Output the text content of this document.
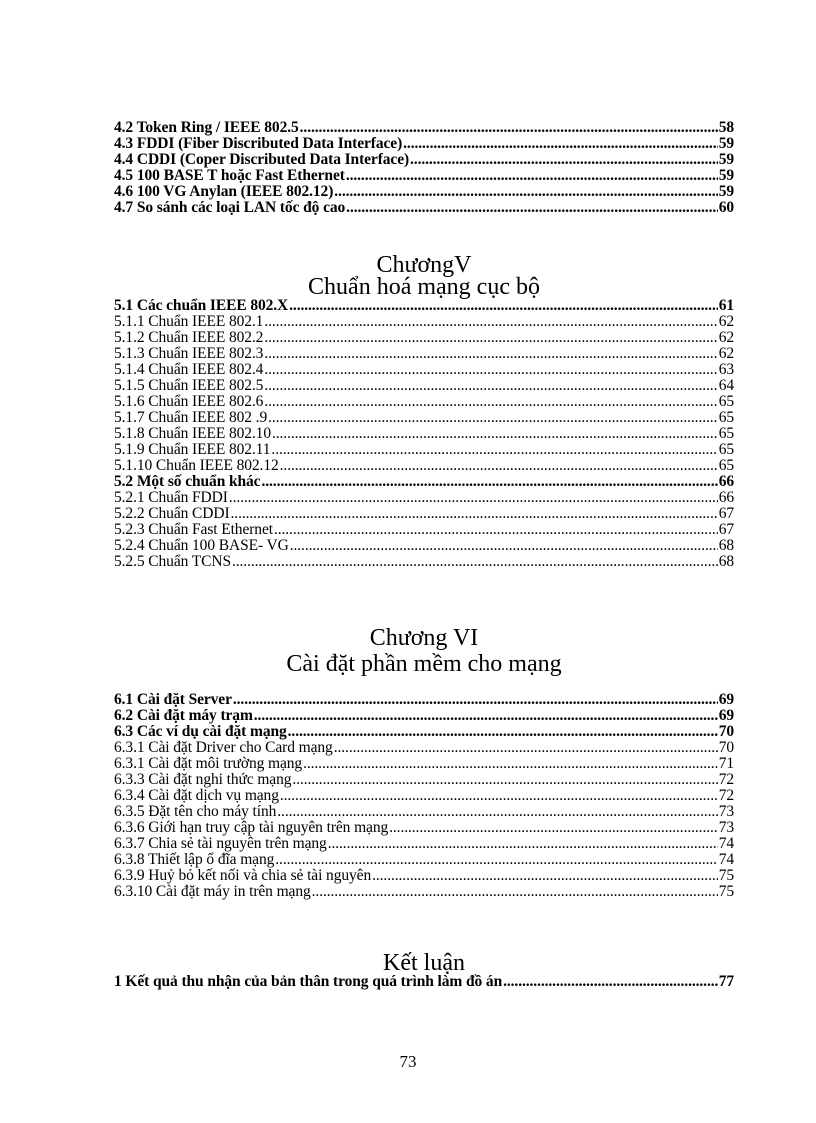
4.2 Token Ring / IEEE 802.5 .....	58
4.3 FDDI (Fiber Discributed Data Interface) .....	59
4.4 CDDI (Coper Discributed Data Interface) .....	59
4.5 100 BASE T hoặc Fast Ethernet .....	59
4.6 100 VG Anylan (IEEE 802.12) .....	59
4.7 So sánh các loại LAN tốc độ cao .....	60
ChươngV
Chuẩn hoá mạng cục bộ
5.1 Các chuẩn IEEE 802.X .....	61
5.1.1 Chuẩn IEEE 802.1 .....	62
5.1.2 Chuẩn IEEE 802.2 .....	62
5.1.3 Chuẩn IEEE 802.3 .....	62
5.1.4 Chuẩn IEEE 802.4 .....	63
5.1.5 Chuẩn IEEE 802.5 .....	64
5.1.6 Chuẩn IEEE 802.6 .....	65
5.1.7 Chuẩn IEEE 802 .9 .....	65
5.1.8 Chuẩn IEEE 802.10 .....	65
5.1.9 Chuẩn IEEE 802.11 .....	65
5.1.10 Chuẩn IEEE 802.12 .....	65
5.2 Một số chuẩn khác .....	66
5.2.1 Chuẩn FDDI .....	66
5.2.2 Chuẩn CDDI .....	67
5.2.3 Chuẩn Fast Ethernet .....	67
5.2.4 Chuẩn 100 BASE- VG .....	68
5.2.5 Chuẩn TCNS .....	68
Chương VI
Cài đặt phần mềm cho mạng
6.1 Cài đặt Server .....	69
6.2 Cài đặt máy trạm .....	69
6.3 Các ví dụ cài đặt mạng .....	70
6.3.1 Cài đặt Driver cho Card mạng .....	70
6.3.1 Cài đặt môi trường mạng .....	71
6.3.3 Cài đặt nghi thức mạng .....	72
6.3.4 Cài đặt dịch vụ mạng .....	72
6.3.5 Đặt tên cho máy tính .....	73
6.3.6 Giới hạn truy cập tài nguyên trên mạng .....	73
6.3.7 Chia sẻ tài nguyên trên mạng .....	74
6.3.8 Thiết lập ổ đĩa mạng .....	74
6.3.9 Huỷ bỏ kết nối và chia sẻ tài nguyên .....	75
6.3.10 Cài đặt máy in trên mạng .....	75
Kết luận
1 Kết quả thu nhận của bản thân trong quá trình làm đồ án .....	77
73
